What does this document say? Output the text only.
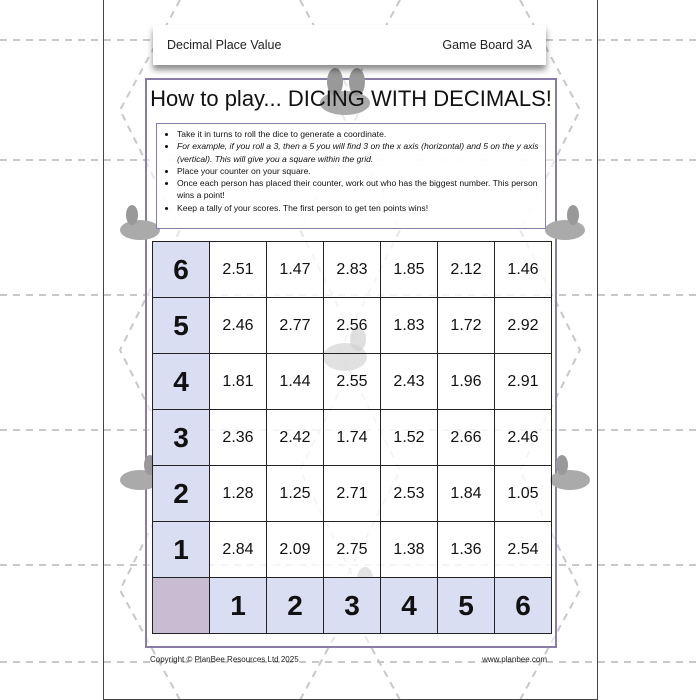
Decimal Place Value	Game Board 3A
How to play... DICING WITH DECIMALS!
• Take it in turns to roll the dice to generate a coordinate.
• For example, if you roll a 3, then a 5 you will find 3 on the x axis (horizontal) and 5 on the y axis (vertical). This will give you a square within the grid.
• Place your counter on your square.
• Once each person has placed their counter, work out who has the biggest number. This person wins a point!
• Keep a tally of your scores. The first person to get ten points wins!
6	2.51	1.47	2.83	1.85	2.12	1.46
5	2.46	2.77	2.56	1.83	1.72	2.92
4	1.81	1.44	2.55	2.43	1.96	2.91
3	2.36	2.42	1.74	1.52	2.66	2.46
2	1.28	1.25	2.71	2.53	1.84	1.05
1	2.84	2.09	2.75	1.38	1.36	2.54
	1	2	3	4	5	6
Copyright © PlanBee Resources Ltd 2025	www.planbee.com
